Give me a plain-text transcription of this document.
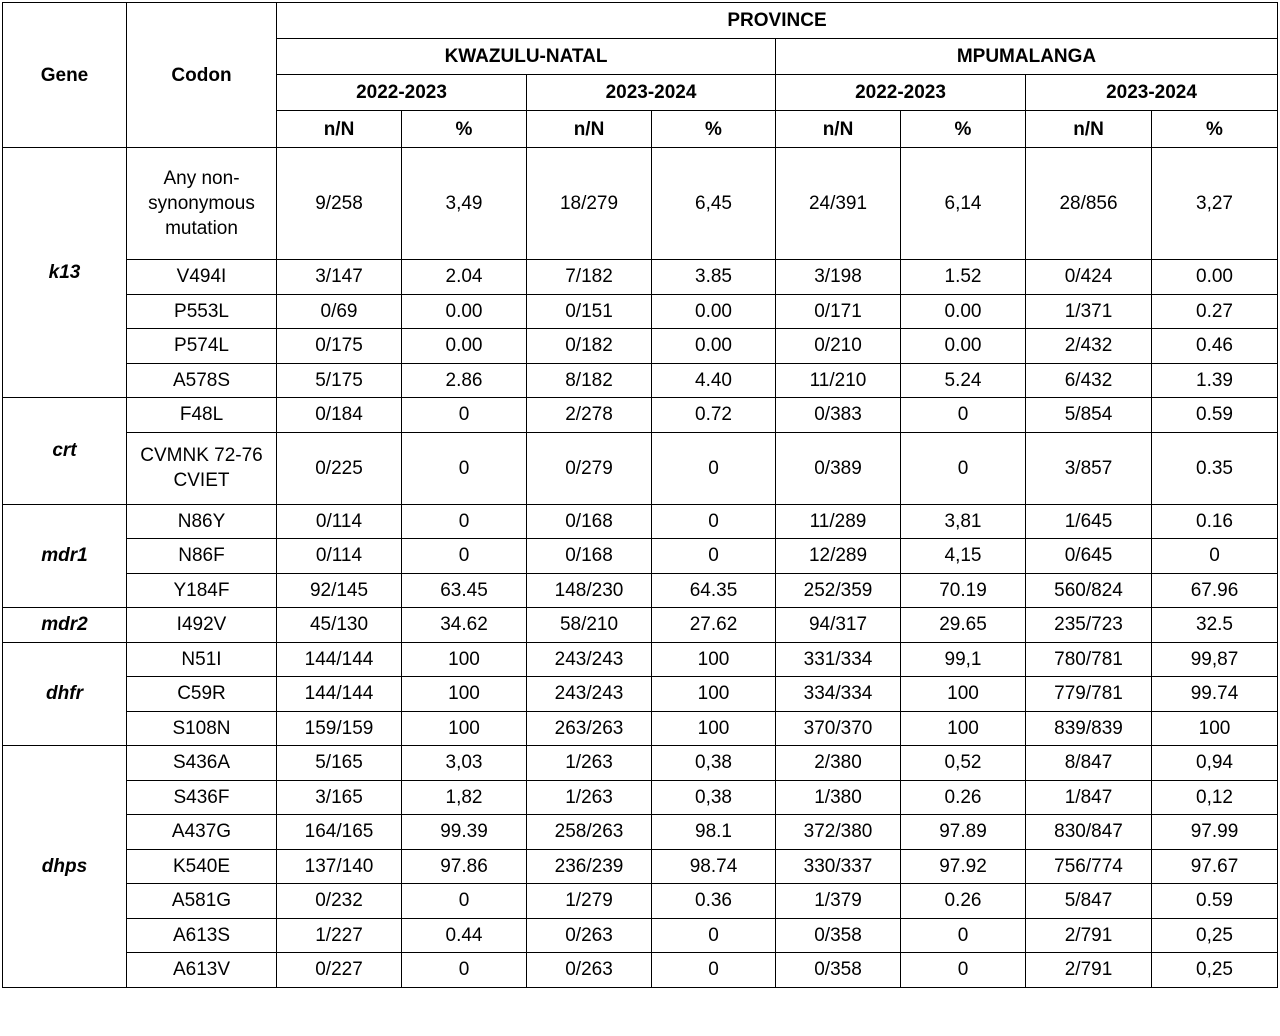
Gene	Codon	PROVINCE							
		KWAZULU-NATAL				MPUMALANGA			
		2022-2023		2023-2024		2022-2023		2023-2024	
		n/N	%	n/N	%	n/N	%	n/N	%
k13	Any non-synonymous mutation	9/258	3,49	18/279	6,45	24/391	6,14	28/856	3,27
	V494I	3/147	2.04	7/182	3.85	3/198	1.52	0/424	0.00
	P553L	0/69	0.00	0/151	0.00	0/171	0.00	1/371	0.27
	P574L	0/175	0.00	0/182	0.00	0/210	0.00	2/432	0.46
	A578S	5/175	2.86	8/182	4.40	11/210	5.24	6/432	1.39
crt	F48L	0/184	0	2/278	0.72	0/383	0	5/854	0.59
	CVMNK 72-76 CVIET	0/225	0	0/279	0	0/389	0	3/857	0.35
mdr1	N86Y	0/114	0	0/168	0	11/289	3,81	1/645	0.16
	N86F	0/114	0	0/168	0	12/289	4,15	0/645	0
	Y184F	92/145	63.45	148/230	64.35	252/359	70.19	560/824	67.96
mdr2	I492V	45/130	34.62	58/210	27.62	94/317	29.65	235/723	32.5
dhfr	N51I	144/144	100	243/243	100	331/334	99,1	780/781	99,87
	C59R	144/144	100	243/243	100	334/334	100	779/781	99.74
	S108N	159/159	100	263/263	100	370/370	100	839/839	100
dhps	S436A	5/165	3,03	1/263	0,38	2/380	0,52	8/847	0,94
	S436F	3/165	1,82	1/263	0,38	1/380	0.26	1/847	0,12
	A437G	164/165	99.39	258/263	98.1	372/380	97.89	830/847	97.99
	K540E	137/140	97.86	236/239	98.74	330/337	97.92	756/774	97.67
	A581G	0/232	0	1/279	0.36	1/379	0.26	5/847	0.59
	A613S	1/227	0.44	0/263	0	0/358	0	2/791	0,25
	A613V	0/227	0	0/263	0	0/358	0	2/791	0,25
